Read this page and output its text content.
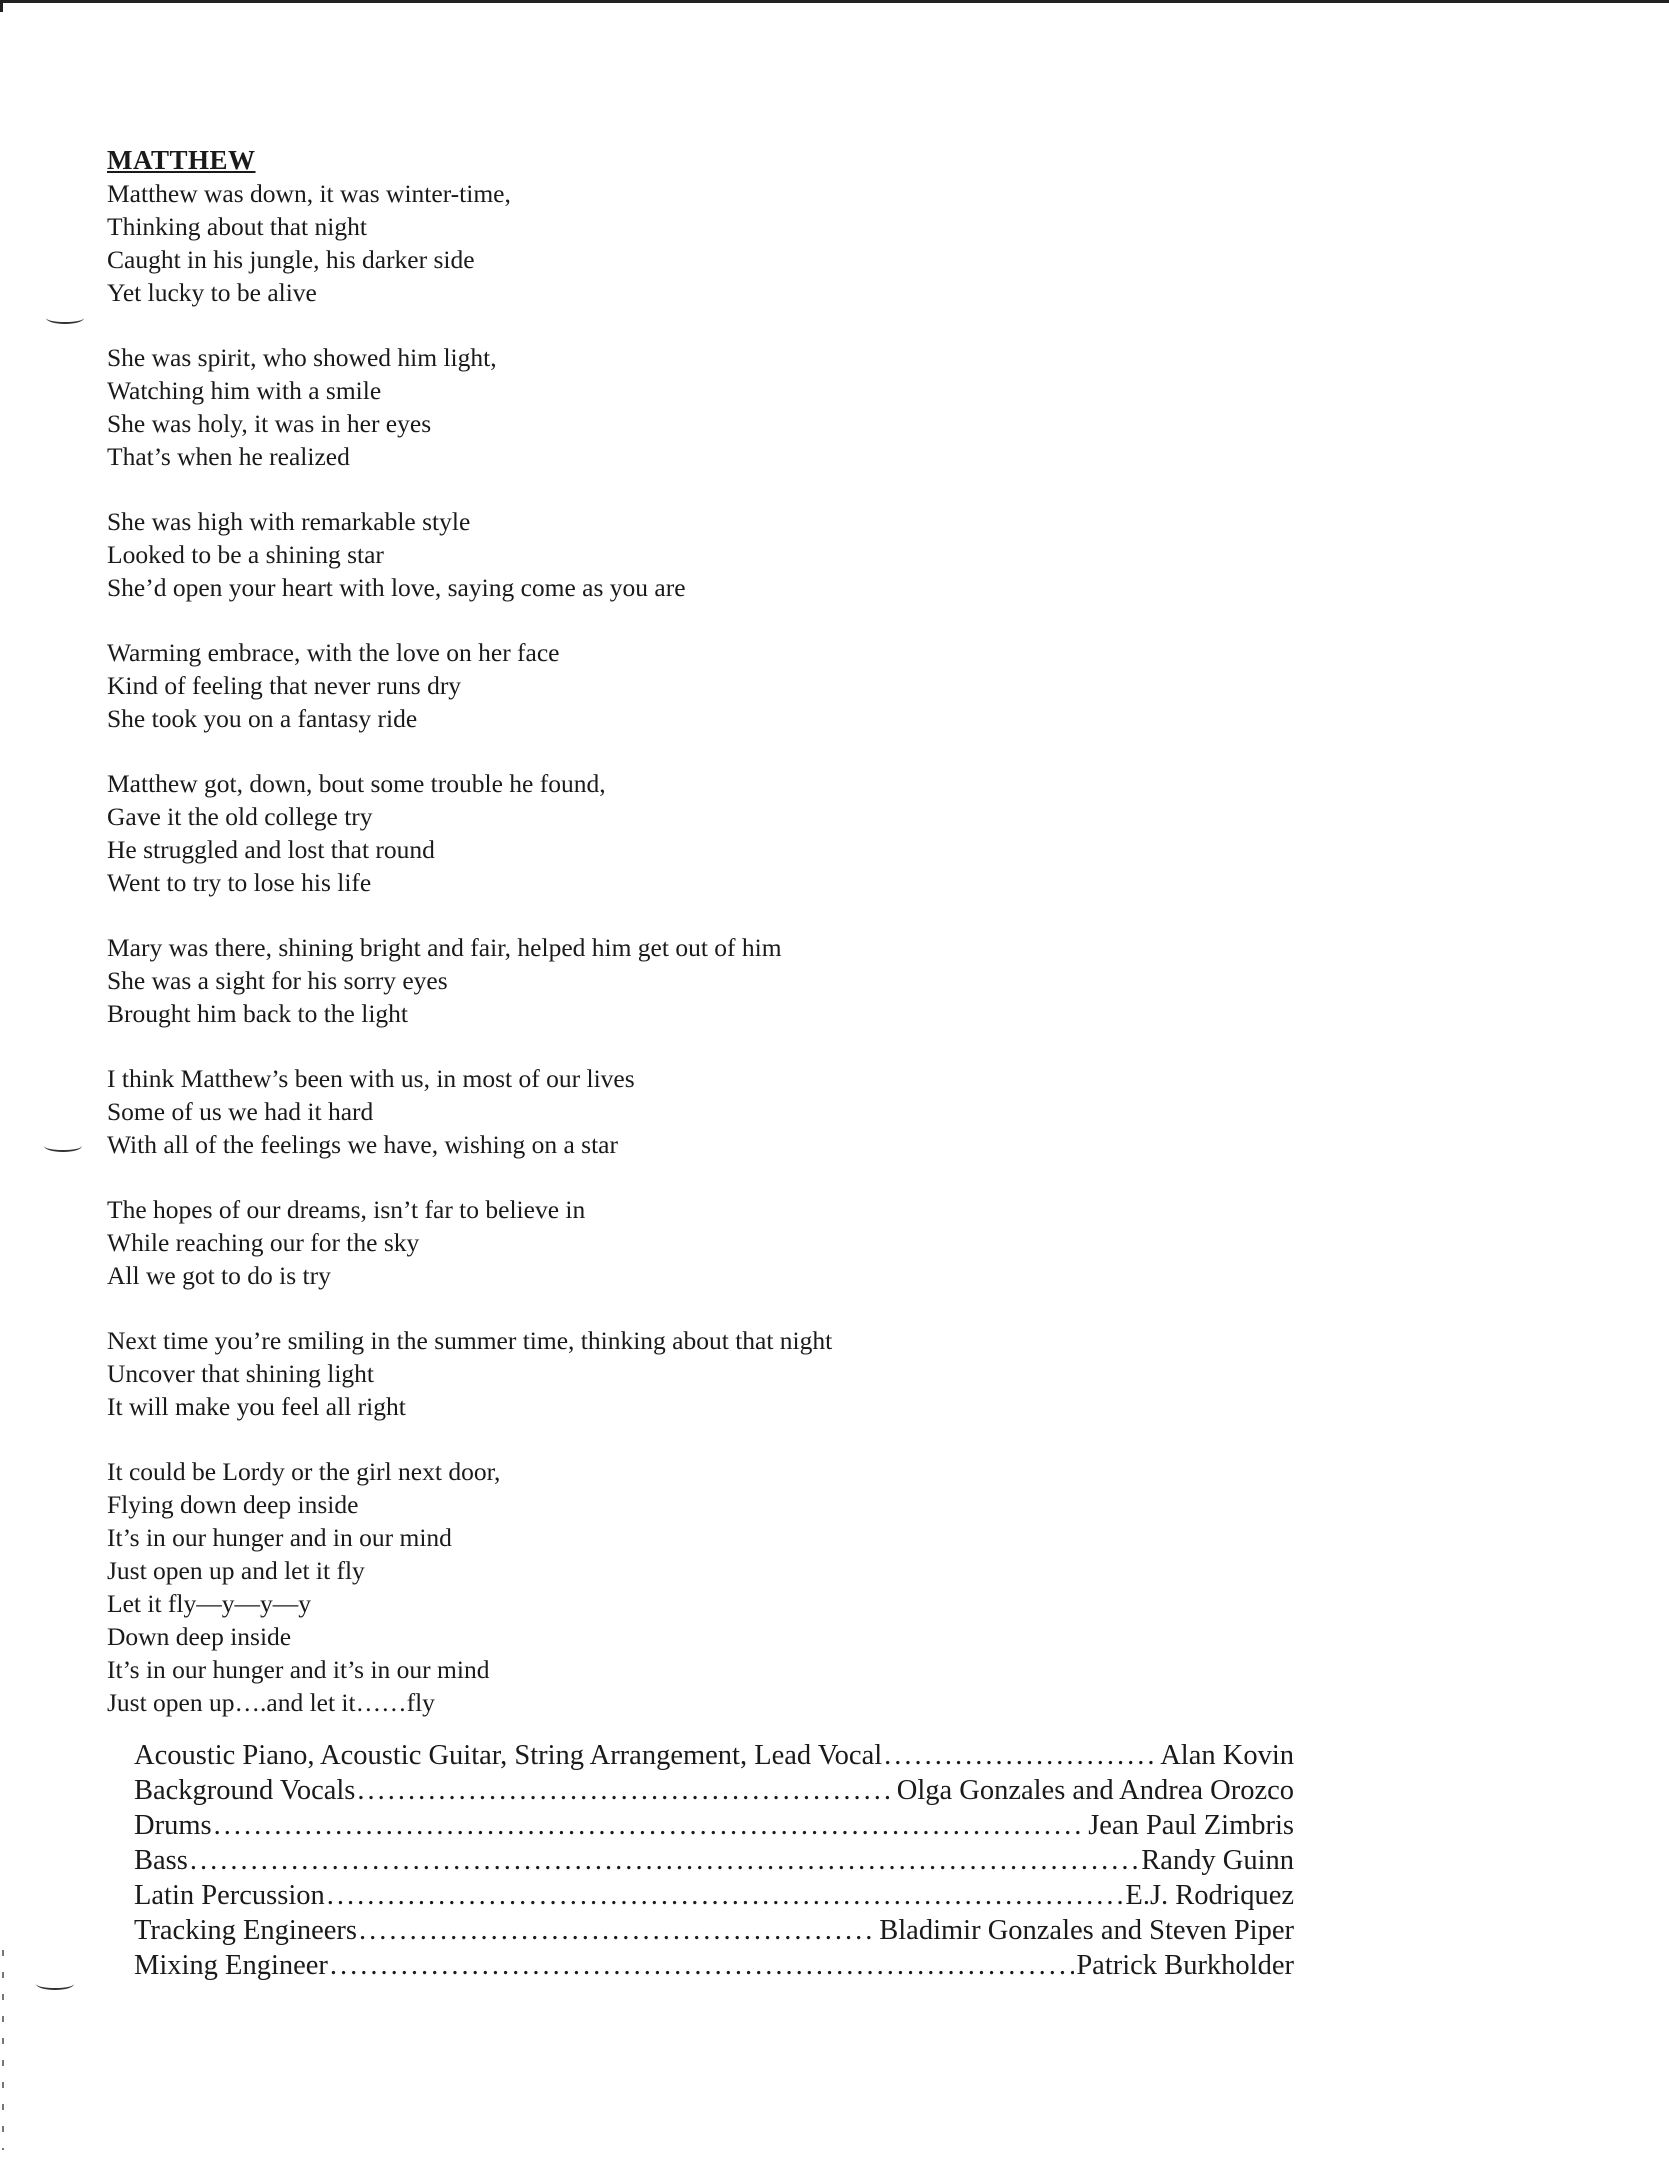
MATTHEW
Matthew was down, it was winter-time,
Thinking about that night
Caught in his jungle, his darker side
Yet lucky to be alive
She was spirit, who showed him light,
Watching him with a smile
She was holy, it was in her eyes
That’s when he realized
She was high with remarkable style
Looked to be a shining star
She’d open your heart with love, saying come as you are
Warming embrace, with the love on her face
Kind of feeling that never runs dry
She took you on a fantasy ride
Matthew got, down, bout some trouble he found,
Gave it the old college try
He struggled and lost that round
Went to try to lose his life
Mary was there, shining bright and fair, helped him get out of him
She was a sight for his sorry eyes
Brought him back to the light
I think Matthew’s been with us, in most of our lives
Some of us we had it hard
With all of the feelings we have, wishing on a star
The hopes of our dreams, isn’t far to believe in
While reaching our for the sky
All we got to do is try
Next time you’re smiling in the summer time, thinking about that night
Uncover that shining light
It will make you feel all right
It could be Lordy or the girl next door,
Flying down deep inside
It’s in our hunger and in our mind
Just open up and let it fly
Let it fly—y—y—y
Down deep inside
It’s in our hunger and it’s in our mind
Just open up….and let it……fly
Acoustic Piano, Acoustic Guitar, String Arrangement, Lead Vocal .....	Alan Kovin
Background Vocals .....	Olga Gonzales and Andrea Orozco
Drums .....	Jean Paul Zimbris
Bass .....	Randy Guinn
Latin Percussion .....	E.J. Rodriquez
Tracking Engineers .....	Bladimir Gonzales and Steven Piper
Mixing Engineer .....	Patrick Burkholder
